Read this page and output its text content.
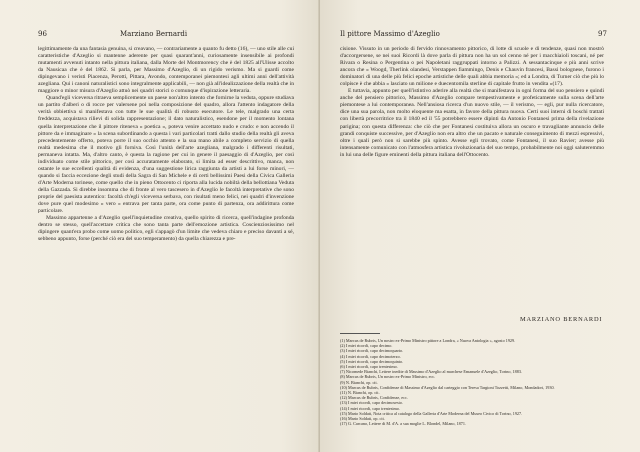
96	Marziano Bernardi

legittimamente da una fantasia genuina, si creavano, — contrariamente a quanto fu detto (16), — uno stile alle cui caratteristiche d'Azeglio si mantenne aderente per quasi quarant'anni, curiosamente insensibile ai profondi mutamenti avvenuti intanto nella pittura italiana, dalla Morte del Montmorency che è del 1825 all'Ulisse accolto da Nausicaa che è del 1862. Si parla, per Massimo d'Azeglio, di un rigido verismo. Ma si guardi come dipingevano i veristi Piacenza, Perotti, Pittara, Avondo, contemporanei piemontesi agli ultimi anni dell'attività azegliana. Qui i canoni naturalistici sono integralmente applicabili, — non già all'idealizzazione della realtà che in maggiore o minor misura d'Azeglio attuò nei quadri storici o comunque d'ispirazione letteraria.

Quand'egli viceversa ritraeva semplicemente un paese non'altro intento che fornirne la veduta, oppure studiava un partito d'alberi o di rocce per valersene poi nella composizione del quadro, allora l'attento indagatore della verità obbiettiva si manifestava con tutte le sue qualità di robusto esecutore. Le tele, malgrado una certa freddezza, acquistava rilievi di solida rappresentazione; il dato naturalistico, esendone per il momento lontana quella interpretazione che il pittore riteneva « poetica », poteva venire accettato nudo e crudo: e non accendo il pittore da e immaginare » la scena subordinando a questa i vari particolari tratti dallo studio della realtà gli aveva precedentemente offerto, poteva porre il suo occhio attento e la sua mano abile a completo servizio di quella realtà medesima che il motivo gli forniva. Così l'unità dell'arte azegliana, malgrado i differenti risultati, permaneva intatta. Ma, d'altro canto, è questa la ragione per cui in genere il paesaggio di d'Azeglio, per così individuato come stile pittorico, per così accuratamente elaborato, si limita ad esser descrittivo, manca, non ostante le sue eccellenti qualità di evidenza, d'una suggestione lirica raggiunta da artisti a lui forse minori, — quando si faccia eccezione degli studi della Sagra di San Michele e di certi bellissimi Paesi della Civica Galleria d'Arte Moderna torinese, come quello che in pieno Ottocento ci riporta alla lucida nobiltà della bellottiana Veduta della Gazzada. Si direbbe insomma che di fronte al vero tascesero in d'Azeglio le facoltà interpretative che sono proprie del paesista autentico: facoltà ch'egli viceversa serbava, con risultati meno felici, nei quadri d'invenzione dove pure quel modesimo « vero » entrava per tanta parte, ora come punto di partenza, ora addirittura come particolare.

Massimo appartenne a d'Azeglio quell'inquietudine creativa, quello spirito di ricerca, quell'indagine profonda dentro se stesso, quell'accettare critica che sono tanta parte dell'emozione artistica. Coscienziosissimo nel dipingere quant'era probo come uomo politico, egli s'appagò d'un limite che vedeva chiaro e preciso davanti a sé, sebbeno appunto, forse (perché ciò era del suo temperamento) da quella chiarezza e pre-

Il pittore Massimo d'Azeglio	97

cisione. Vissuto in un periodo di fervido rinnovamento pittorico, di lotte di scuole e di tendenze, quasi non mostrò d'accorgersene, se nei suoi Ricordi là dove parla di pittura non ha un sol cenno né per i macchiaioli toscani, né per Rivara o Resina o Pergentina o pei Napoletani raggruppati intorno a Palizzi. A sessantacinque e più anni scrive ancora che « Woogd, Therlink olandesi, Verstappen fiammingo, Denis e Chauvin francesi, Bassi bolognese, furono i dominatori di una delle più felici epoche artistiche delle quali abbia memoria »; ed a Londra, di Turner ciò che più lo colpisce è che abbia « lasciato un milione e duecentomila sterline di capitale frutto in vendita »(17).

E tuttavia, appunto per quell'istintivo aderire alla realtà che si manifestava in ogni forma del suo pensiero e quindi anche del pensiero pittorico, Massimo d'Azeglio compare tempestivamente e profeticamente sulla scena dell'arte piemontese a lui contemporanea. Nell'ansiosa ricerca d'un nuovo stile, — il verismo, — egli, pur nulla ricercatore, dice una sua parola, non molto eloquente ma esatta, in favore della pittura nuova. Certi suoi interni di boschi trattati con libertà precorritrice tra il 1840 ed il '55 potrebbero essere dipinti da Antonio Fontanesi prima della rivelazione parigina; con questa differenza: che ciò che per Fontanesi costituiva allora un oscuro e travagliante annuncio delle grandi conquiste successive, per d'Azeglio non era altro che un pacato e naturale conseguimento di mezzi espressivi, oltre i quali però non si sarebbe più spinto. Avesse egli trovato, come Fontanesi, il suo Ravier; avesse più intensamente comunicato con l'atmosfera artistica rivoluzionaria del suo tempo, probabilmente noi oggi saluteremmo in lui una delle figure eminenti della pittura italiana dell'Ottocento.

MARZIANO BERNARDI
(1) Marcus de Rubris, Un nostro ex-Primo Ministro pittore a Londra, « Nuova Antologia », agosto 1929.
(2) I miei ricordi, capo decimo.
(3) I miei ricordi, capo decimoquarto.
(4) I miei ricordi, capo decimoterzo.
(5) I miei ricordi, capo decimoquinto.
(6) I miei ricordi, capo trentesimo.
(7) Nicomede Bianchi, Lettere inedite di Massimo d'Azeglio al marchese Emanuele d'Azeglio, Torino, 1883.
(8) Marcus de Rubris, Un nostro ex-Primo Ministro, ecc.
(9) N. Bianchi, op. cit.
(10) Marcus de Rubris, Confidenze di Massimo d'Azeglio dal carteggio con Teresa Targioni Tozzetti, Milano, Mondadori, 1930.
(11) N. Bianchi, op. cit.
(12) Marcus de Rubris, Confidenze, ecc.
(13) I miei ricordi, capo decimosesto.
(14) I miei ricordi, capo trentesimo.
(15) Mario Soldati, Nota critica al catalogo della Galleria d'Arte Moderna del Museo Civico di Torino, 1927.
(16) Mario Soldati, op. cit.
(17) G. Carcano, Lettere di M. d'A. a sua moglie L. Blondel, Milano, 1871.
